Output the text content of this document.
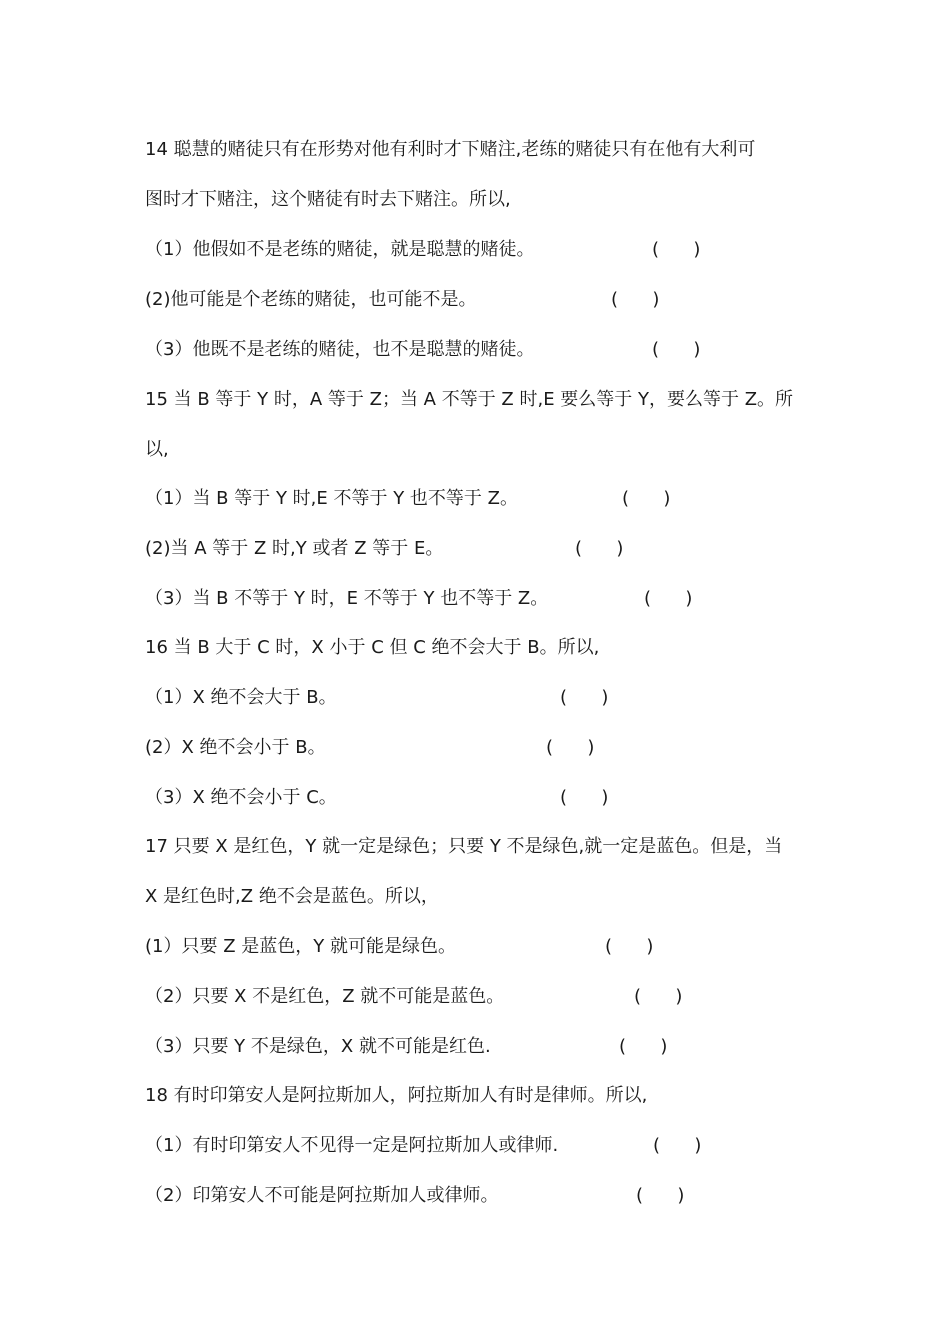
14 聪慧的赌徒只有在形势对他有利时才下赌注,老练的赌徒只有在他有大利可
图时才下赌注，这个赌徒有时去下赌注。所以,
（1）他假如不是老练的赌徒，就是聪慧的赌徒。	(      )
(2)他可能是个老练的赌徒，也可能不是。	(      )
（3）他既不是老练的赌徒，也不是聪慧的赌徒。	(      )
15 当 B 等于 Y 时，A 等于 Z；当 A 不等于 Z 时,E 要么等于 Y，要么等于 Z。所
以,
（1）当 B 等于 Y 时,E 不等于 Y 也不等于 Z。	(      )
(2)当 A 等于 Z 时,Y 或者 Z 等于 E。	(      )
（3）当 B 不等于 Y 时，E 不等于 Y 也不等于 Z。	(      )
16 当 B 大于 C 时，X 小于 C 但 C 绝不会大于 B。所以,
（1）X 绝不会大于 B。	(      )
(2）X 绝不会小于 B。	(      )
（3）X 绝不会小于 C。	(      )
17 只要 X 是红色，Y 就一定是绿色；只要 Y 不是绿色,就一定是蓝色。但是，当
X 是红色时,Z 绝不会是蓝色。所以，
(1）只要 Z 是蓝色，Y 就可能是绿色。	(      )
（2）只要 X 不是红色，Z 就不可能是蓝色。	(      )
（3）只要 Y 不是绿色，X 就不可能是红色.	(      )
18 有时印第安人是阿拉斯加人，阿拉斯加人有时是律师。所以,
（1）有时印第安人不见得一定是阿拉斯加人或律师.	(      )
（2）印第安人不可能是阿拉斯加人或律师。	(      )
